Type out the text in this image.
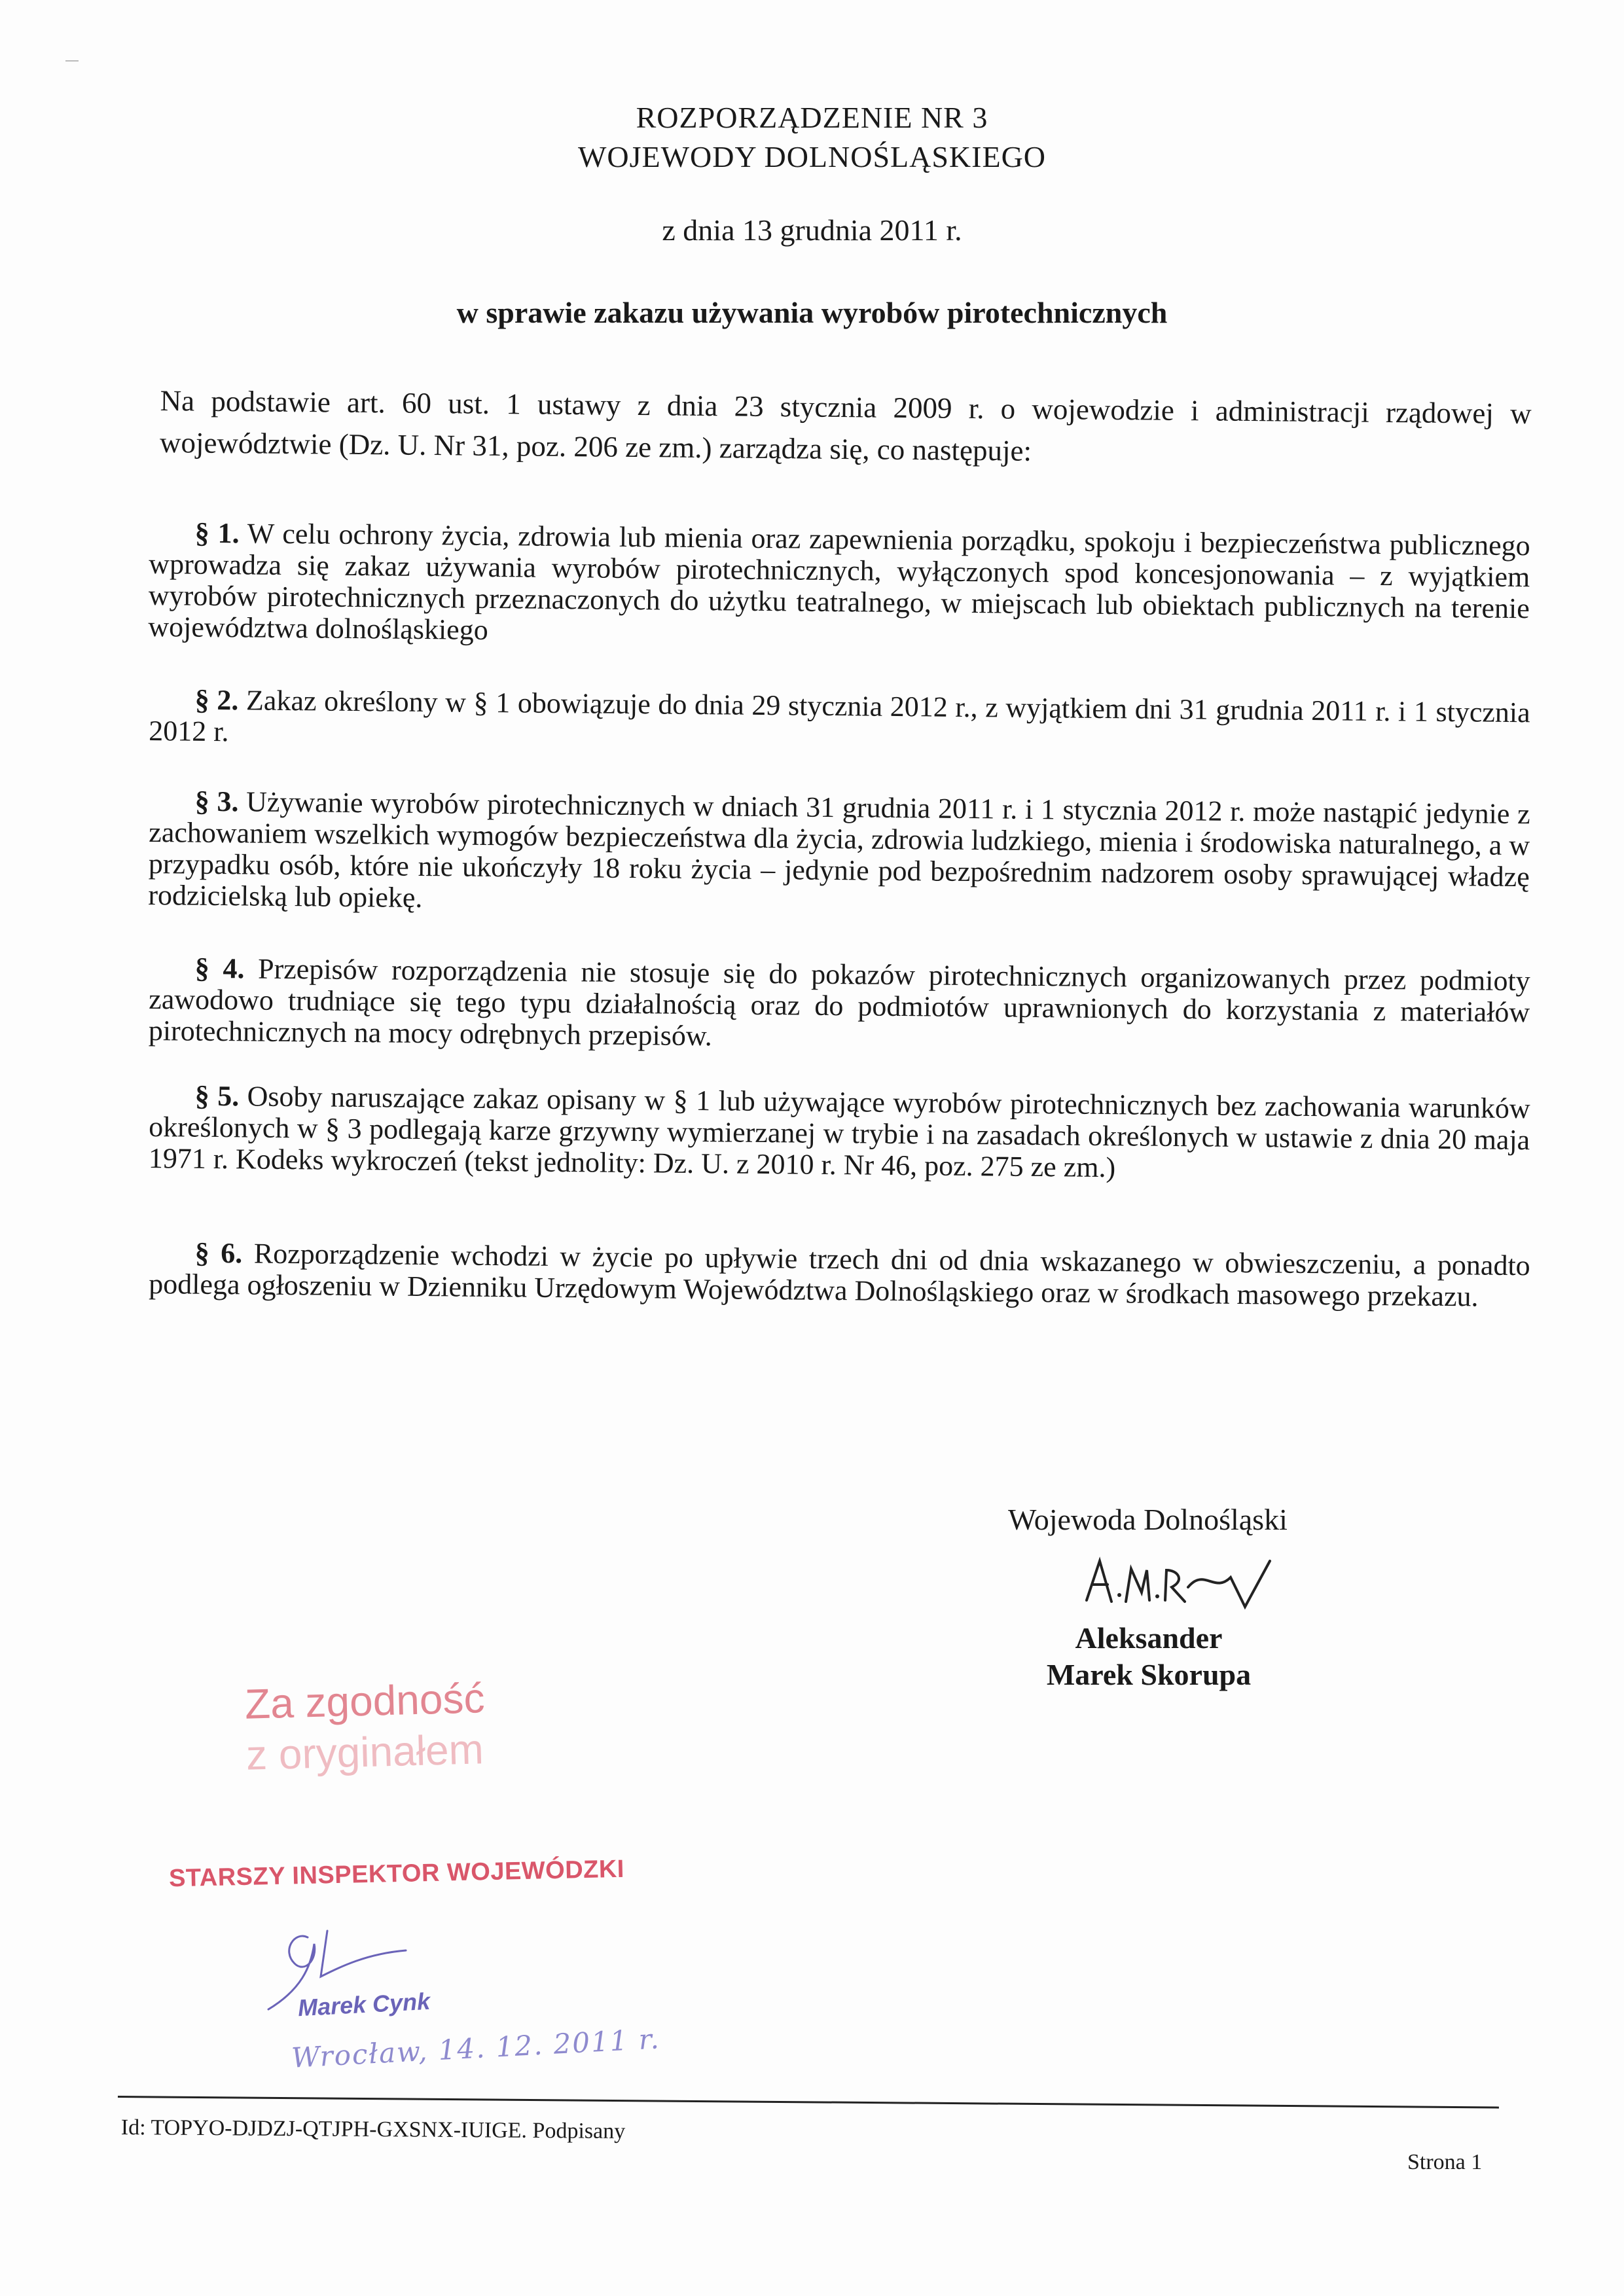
ROZPORZĄDZENIE NR 3
WOJEWODY DOLNOŚLĄSKIEGO
z dnia 13 grudnia 2011 r.
w sprawie zakazu używania wyrobów pirotechnicznych
Na podstawie art. 60 ust. 1 ustawy z dnia 23 stycznia 2009 r. o wojewodzie i administracji rządowej w województwie (Dz. U. Nr 31, poz. 206 ze zm.) zarządza się, co następuje:
§ 1. W celu ochrony życia, zdrowia lub mienia oraz zapewnienia porządku, spokoju i bezpieczeństwa publicznego wprowadza się zakaz używania wyrobów pirotechnicznych, wyłączonych spod koncesjonowania – z wyjątkiem wyrobów pirotechnicznych przeznaczonych do użytku teatralnego, w miejscach lub obiektach publicznych na terenie województwa dolnośląskiego
§ 2. Zakaz określony w § 1 obowiązuje do dnia 29 stycznia 2012 r., z wyjątkiem dni 31 grudnia 2011 r. i 1 stycznia 2012 r.
§ 3. Używanie wyrobów pirotechnicznych w dniach 31 grudnia 2011 r. i 1 stycznia 2012 r. może nastąpić jedynie z zachowaniem wszelkich wymogów bezpieczeństwa dla życia, zdrowia ludzkiego, mienia i środowiska naturalnego, a w przypadku osób, które nie ukończyły 18 roku życia – jedynie pod bezpośrednim nadzorem osoby sprawującej władzę rodzicielską lub opiekę.
§ 4. Przepisów rozporządzenia nie stosuje się do pokazów pirotechnicznych organizowanych przez podmioty zawodowo trudniące się tego typu działalnością oraz do podmiotów uprawnionych do korzystania z materiałów pirotechnicznych na mocy odrębnych przepisów.
§ 5. Osoby naruszające zakaz opisany w § 1 lub używające wyrobów pirotechnicznych bez zachowania warunków określonych w § 3 podlegają karze grzywny wymierzanej w trybie i na zasadach określonych w ustawie z dnia 20 maja 1971 r. Kodeks wykroczeń (tekst jednolity: Dz. U. z 2010 r. Nr 46, poz. 275 ze zm.)
§ 6. Rozporządzenie wchodzi w życie po upływie trzech dni od dnia wskazanego w obwieszczeniu, a ponadto podlega ogłoszeniu w Dzienniku Urzędowym Województwa Dolnośląskiego oraz w środkach masowego przekazu.
Wojewoda Dolnośląski
Aleksander
Marek Skorupa
Za zgodność
z oryginałem
STARSZY INSPEKTOR WOJEWÓDZKI
Marek Cynk
Wrocław, 14. 12. 2011 r.
Id: TOPYO-DJDZJ-QTJPH-GXSNX-IUIGE. Podpisany
Strona 1
